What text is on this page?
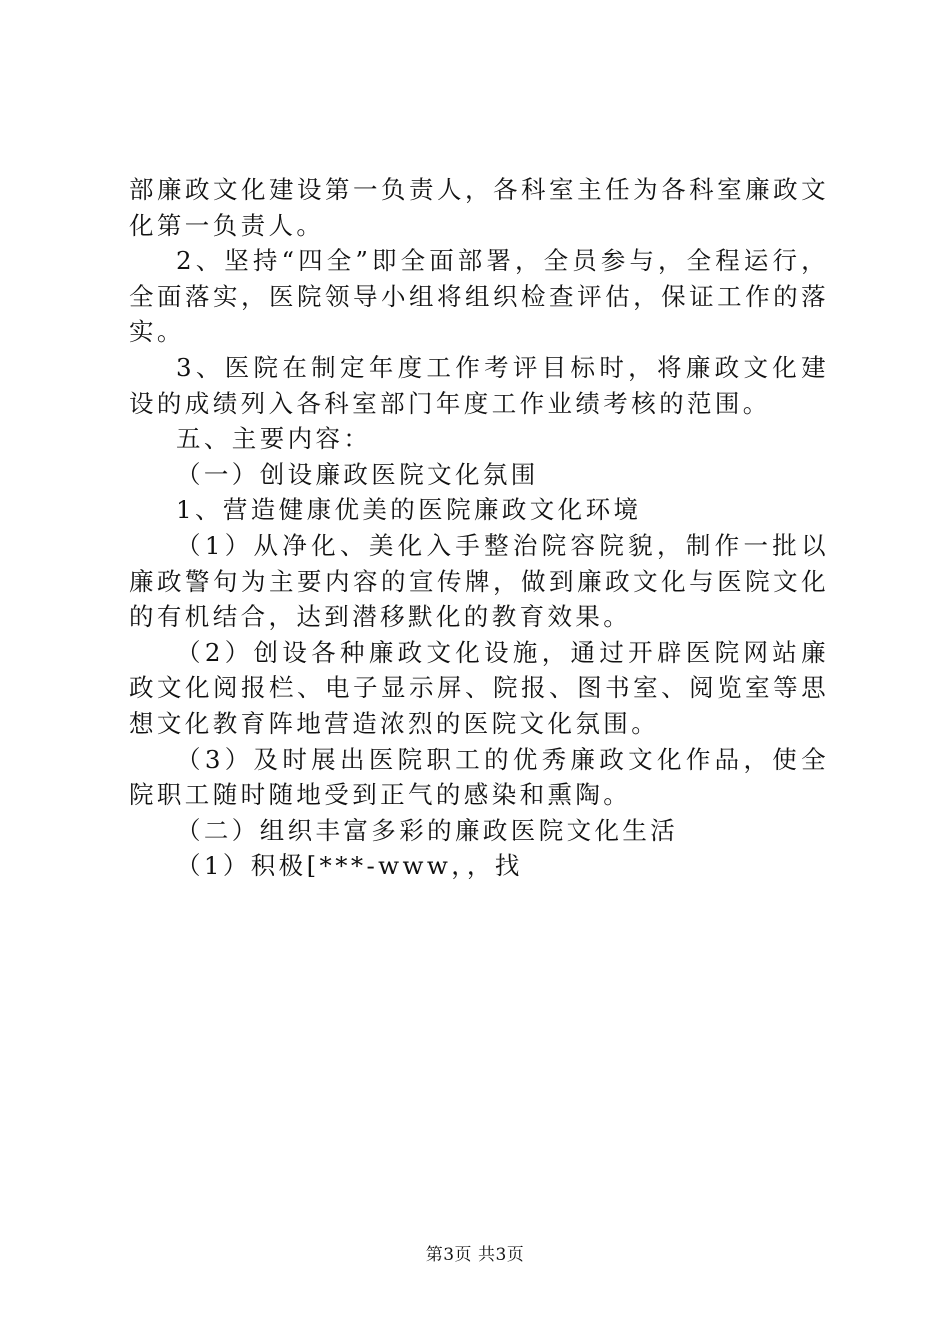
部廉政文化建设第一负责人，各科室主任为各科室廉政文化第一负责人。

2、坚持“四全”即全面部署，全员参与，全程运行，全面落实，医院领导小组将组织检查评估，保证工作的落实。

3、医院在制定年度工作考评目标时，将廉政文化建设的成绩列入各科室部门年度工作业绩考核的范围。

五、主要内容：

（一）创设廉政医院文化氛围

1、营造健康优美的医院廉政文化环境

（1）从净化、美化入手整治院容院貌，制作一批以廉政警句为主要内容的宣传牌，做到廉政文化与医院文化的有机结合，达到潜移默化的教育效果。

（2）创设各种廉政文化设施，通过开辟医院网站廉政文化阅报栏、电子显示屏、院报、图书室、阅览室等思想文化教育阵地营造浓烈的医院文化氛围。

（3）及时展出医院职工的优秀廉政文化作品，使全院职工随时随地受到正气的感染和熏陶。

（二）组织丰富多彩的廉政医院文化生活

（1）积极[***-www，，找

第3页 共3页
